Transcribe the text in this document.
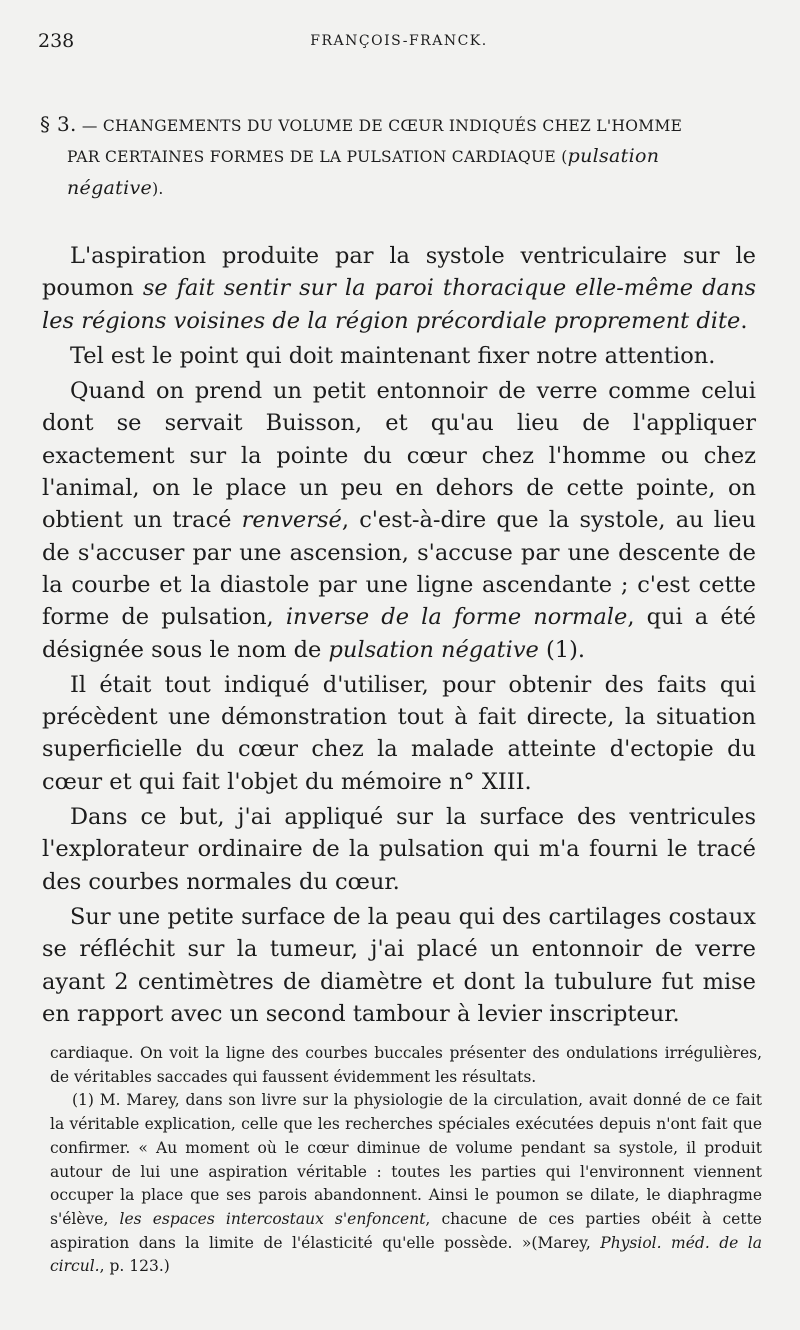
238	FRANÇOIS-FRANCK.
§ 3. — CHANGEMENTS DU VOLUME DE CŒUR INDIQUÉS CHEZ L'HOMME
PAR CERTAINES FORMES DE LA PULSATION CARDIAQUE (pulsation
négative).

L'aspiration produite par la systole ventriculaire sur le poumon se fait sentir sur la paroi thoracique elle-même dans les régions voisines de la région précordiale proprement dite.

Tel est le point qui doit maintenant fixer notre attention.

Quand on prend un petit entonnoir de verre comme celui dont se servait Buisson, et qu'au lieu de l'appliquer exactement sur la pointe du cœur chez l'homme ou chez l'animal, on le place un peu en dehors de cette pointe, on obtient un tracé renversé, c'est-à-dire que la systole, au lieu de s'accuser par une ascension, s'accuse par une descente de la courbe et la diastole par une ligne ascendante ; c'est cette forme de pulsation, inverse de la forme normale, qui a été désignée sous le nom de pulsation négative (1).

Il était tout indiqué d'utiliser, pour obtenir des faits qui précèdent une démonstration tout à fait directe, la situation superficielle du cœur chez la malade atteinte d'ectopie du cœur et qui fait l'objet du mémoire n° XIII.

Dans ce but, j'ai appliqué sur la surface des ventricules l'explorateur ordinaire de la pulsation qui m'a fourni le tracé des courbes normales du cœur.

Sur une petite surface de la peau qui des cartilages costaux se réfléchit sur la tumeur, j'ai placé un entonnoir de verre ayant 2 centimètres de diamètre et dont la tubulure fut mise en rapport avec un second tambour à levier inscripteur.

cardiaque. On voit la ligne des courbes buccales présenter des ondulations irrégulières, de véritables saccades qui faussent évidemment les résultats.

(1) M. Marey, dans son livre sur la physiologie de la circulation, avait donné de ce fait la véritable explication, celle que les recherches spéciales exécutées depuis n'ont fait que confirmer. « Au moment où le cœur diminue de volume pendant sa systole, il produit autour de lui une aspiration véritable : toutes les parties qui l'environnent viennent occuper la place que ses parois abandonnent. Ainsi le poumon se dilate, le diaphragme s'élève, les espaces intercostaux s'enfoncent, chacune de ces parties obéit à cette aspiration dans la limite de l'élasticité qu'elle possède. »(Marey, Physiol. méd. de la circul., p. 123.)
